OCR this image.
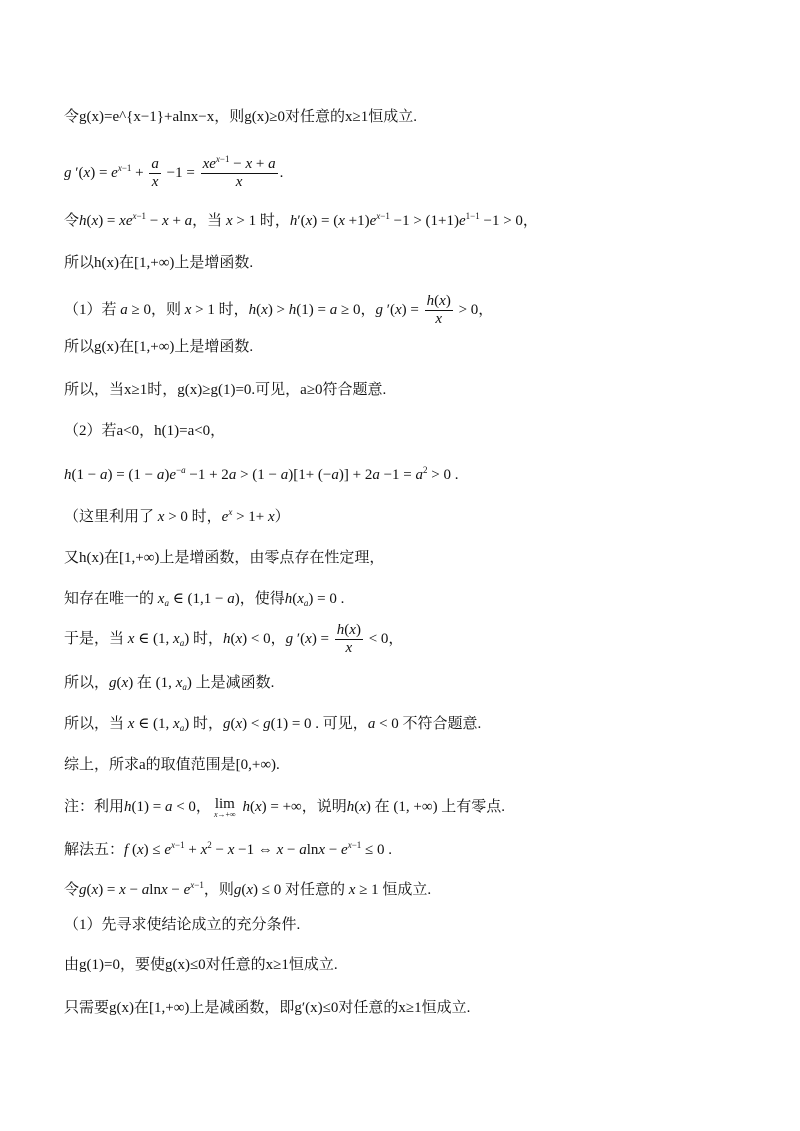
令g(x)=e^{x−1}+alnx−x，则g(x)≥0对任意的x≥1恒成立.
g $'(x) = e^{x-1} + \frac{a}{x} -1 = \frac{xe^{x-1} - x + a}{x}$ .
令$h(x) = xe^{x-1} - x + a$，当 x > 1 时，$h'(x) = (x +1)e^{x-1} -1 > (1+1)e^{1-1} -1 > 0$，
所以h(x)在[1,+∞)上是增函数.
（1）若 a ≥ 0，则 x > 1 时，h(x) > h(1) = a ≥ 0，g $'(x) = \frac{h(x)}{x} > 0$，
所以g(x)在[1,+∞)上是增函数.
所以，当x≥1时，g(x)≥g(1)=0.可见，a≥0符合题意.
（2）若a<0，h(1)=a<0，
$h(1 - a) = (1 - a)e^{-a} -1 + 2a > (1 - a)[1+ (-a)] + 2a -1 = a^2 > 0$ .
（这里利用了 x > 0 时，$e^x > 1+ x$）
又h(x)在[1,+∞)上是增函数，由零点存在性定理，
知存在唯一的 $x_a$ ∈ (1,1 − a)，使得$h(x_a) = 0$ .
于是，当 x ∈ (1, $x_a$) 时，h(x) < 0，g $'(x) = \frac{h(x)}{x} < 0$，
所以，g(x) 在 (1, $x_a$) 上是减函数.
所以，当 x ∈ (1, $x_a$) 时，g(x) < g(1) = 0 . 可见，a < 0 不符合题意.
综上，所求a的取值范围是[0,+∞).
注：利用h(1) = a < 0， lim
x→+∞ h(x) = +∞，说明h(x) 在 (1, +∞) 上有零点.
解法五：f $(x) \le e^{x-1} + x^2 - x -1$ ⇔ $x - alnx - e^{x-1} \le 0$ .
令$g(x) = x - alnx - e^{x-1}$，则g(x) ≤ 0 对任意的 x ≥ 1 恒成立.
（1）先寻求使结论成立的充分条件.
由g(1)=0，要使g(x)≤0对任意的x≥1恒成立.
只需要g(x)在[1,+∞)上是减函数，即g′(x)≤0对任意的x≥1恒成立.
